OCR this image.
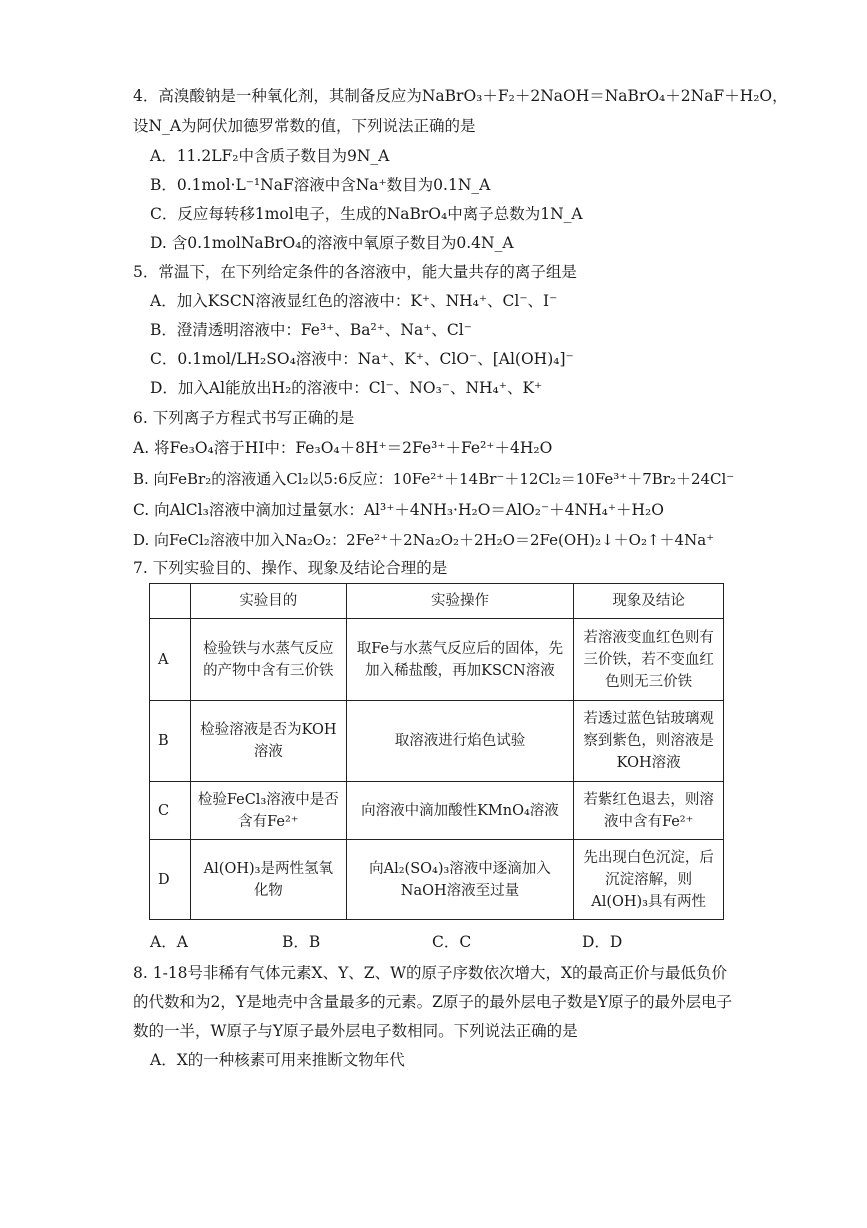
4．高溴酸钠是一种氧化剂，其制备反应为NaBrO₃＋F₂＋2NaOH＝NaBrO₄＋2NaF＋H₂O，
设N_A为阿伏加德罗常数的值，下列说法正确的是
A．11.2LF₂中含质子数目为9N_A
B．0.1mol·L⁻¹NaF溶液中含Na⁺数目为0.1N_A
C．反应每转移1mol电子，生成的NaBrO₄中离子总数为1N_A
D. 含0.1molNaBrO₄的溶液中氧原子数目为0.4N_A
5．常温下，在下列给定条件的各溶液中，能大量共存的离子组是
A．加入KSCN溶液显红色的溶液中：K⁺、NH₄⁺、Cl⁻、I⁻
B．澄清透明溶液中：Fe³⁺、Ba²⁺、Na⁺、Cl⁻
C．0.1mol/LH₂SO₄溶液中：Na⁺、K⁺、ClO⁻、[Al(OH)₄]⁻
D．加入Al能放出H₂的溶液中：Cl⁻、NO₃⁻、NH₄⁺、K⁺
6. 下列离子方程式书写正确的是
A. 将Fe₃O₄溶于HI中：Fe₃O₄＋8H⁺＝2Fe³⁺＋Fe²⁺＋4H₂O
B. 向FeBr₂的溶液通入Cl₂以5:6反应：10Fe²⁺＋14Br⁻＋12Cl₂＝10Fe³⁺＋7Br₂＋24Cl⁻
C. 向AlCl₃溶液中滴加过量氨水：Al³⁺＋4NH₃·H₂O＝AlO₂⁻＋4NH₄⁺＋H₂O
D. 向FeCl₂溶液中加入Na₂O₂：2Fe²⁺＋2Na₂O₂＋2H₂O＝2Fe(OH)₂↓＋O₂↑＋4Na⁺
7. 下列实验目的、操作、现象及结论合理的是
	实验目的	实验操作	现象及结论
A	检验铁与水蒸气反应的产物中含有三价铁	取Fe与水蒸气反应后的固体，先加入稀盐酸，再加KSCN溶液	若溶液变血红色则有三价铁，若不变血红色则无三价铁
B	检验溶液是否为KOH溶液	取溶液进行焰色试验	若透过蓝色钴玻璃观察到紫色，则溶液是KOH溶液
C	检验FeCl₃溶液中是否含有Fe²⁺	向溶液中滴加酸性KMnO₄溶液	若紫红色退去，则溶液中含有Fe²⁺
D	Al(OH)₃是两性氢氧化物	向Al₂(SO₄)₃溶液中逐滴加入NaOH溶液至过量	先出现白色沉淀，后沉淀溶解，则Al(OH)₃具有两性
A．A	B．B	C．C	D．D
8. 1-18号非稀有气体元素X、Y、Z、W的原子序数依次增大，X的最高正价与最低负价
的代数和为2，Y是地壳中含量最多的元素。Z原子的最外层电子数是Y原子的最外层电子
数的一半，W原子与Y原子最外层电子数相同。下列说法正确的是
A．X的一种核素可用来推断文物年代
